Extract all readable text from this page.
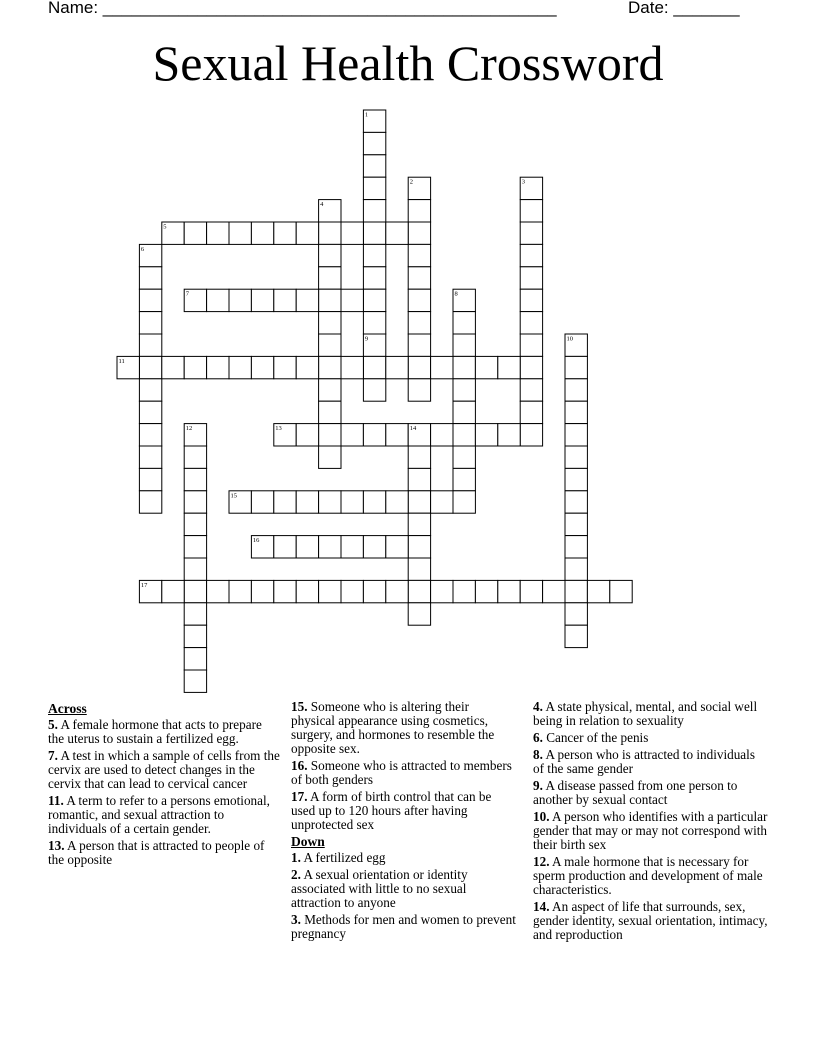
Name: ________________________________________________	Date: _______
Sexual Health Crossword
1
2	3
4
5
6
7	8
9	10
11
12	13	14
15
16
17
Across
5. A female hormone that acts to prepare the uterus to sustain a fertilized egg.
7. A test in which a sample of cells from the cervix are used to detect changes in the cervix that can lead to cervical cancer
11. A term to refer to a persons emotional, romantic, and sexual attraction to individuals of a certain gender.
13. A person that is attracted to people of the opposite
15. Someone who is altering their physical appearance using cosmetics, surgery, and hormones to resemble the opposite sex.
16. Someone who is attracted to members of both genders
17. A form of birth control that can be used up to 120 hours after having unprotected sex
Down
1. A fertilized egg
2. A sexual orientation or identity associated with little to no sexual attraction to anyone
3. Methods for men and women to prevent pregnancy
4. A state physical, mental, and social well being in relation to sexuality
6. Cancer of the penis
8. A person who is attracted to individuals of the same gender
9. A disease passed from one person to another by sexual contact
10. A person who identifies with a particular gender that may or may not correspond with their birth sex
12. A male hormone that is necessary for sperm production and development of male characteristics.
14. An aspect of life that surrounds, sex, gender identity, sexual orientation, intimacy, and reproduction
